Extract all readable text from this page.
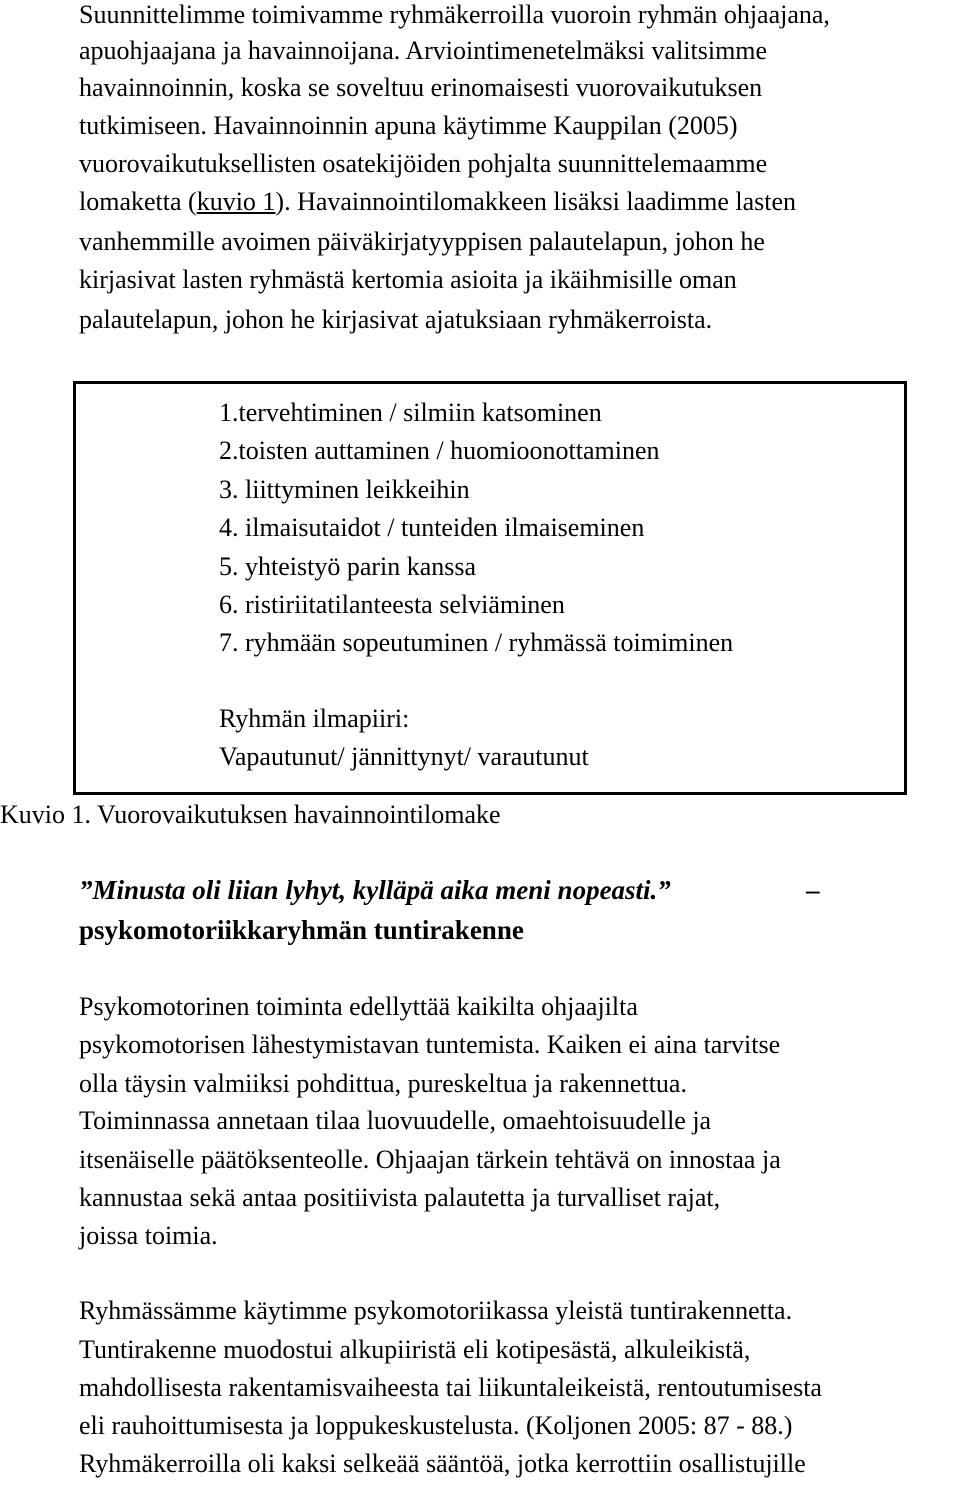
Suunnittelimme toimivamme ryhmäkerroilla vuoroin ryhmän ohjaajana,
apuohjaajana ja havainnoijana. Arviointimenetelmäksi valitsimme
havainnoinnin, koska se soveltuu erinomaisesti vuorovaikutuksen
tutkimiseen. Havainnoinnin apuna käytimme Kauppilan (2005)
vuorovaikutuksellisten osatekijöiden pohjalta suunnittelemaamme
lomaketta (kuvio 1). Havainnointilomakkeen lisäksi laadimme lasten
vanhemmille avoimen päiväkirjatyyppisen palautelapun, johon he
kirjasivat lasten ryhmästä kertomia asioita ja ikäihmisille oman
palautelapun, johon he kirjasivat ajatuksiaan ryhmäkerroista.
1.tervehtiminen / silmiin katsominen
2.toisten auttaminen / huomioonottaminen
3. liittyminen leikkeihin
4. ilmaisutaidot / tunteiden ilmaiseminen
5. yhteistyö parin kanssa
6. ristiriitatilanteesta selviäminen
7. ryhmään sopeutuminen / ryhmässä toimiminen
Ryhmän ilmapiiri:
Vapautunut/ jännittynyt/ varautunut
Kuvio 1. Vuorovaikutuksen havainnointilomake
”Minusta oli liian lyhyt, kylläpä aika meni nopeasti.”	–
psykomotoriikkaryhmän tuntirakenne
Psykomotorinen toiminta edellyttää kaikilta ohjaajilta
psykomotorisen lähestymistavan tuntemista. Kaiken ei aina tarvitse
olla täysin valmiiksi pohdittua, pureskeltua ja rakennettua.
Toiminnassa annetaan tilaa luovuudelle, omaehtoisuudelle ja
itsenäiselle päätöksenteolle. Ohjaajan tärkein tehtävä on innostaa ja
kannustaa sekä antaa positiivista palautetta ja turvalliset rajat,
joissa toimia.
Ryhmässämme käytimme psykomotoriikassa yleistä tuntirakennetta.
Tuntirakenne muodostui alkupiiristä eli kotipesästä, alkuleikistä,
mahdollisesta rakentamisvaiheesta tai liikuntaleikeistä, rentoutumisesta
eli rauhoittumisesta ja loppukeskustelusta. (Koljonen 2005: 87 - 88.)
Ryhmäkerroilla oli kaksi selkeää sääntöä, jotka kerrottiin osallistujille
